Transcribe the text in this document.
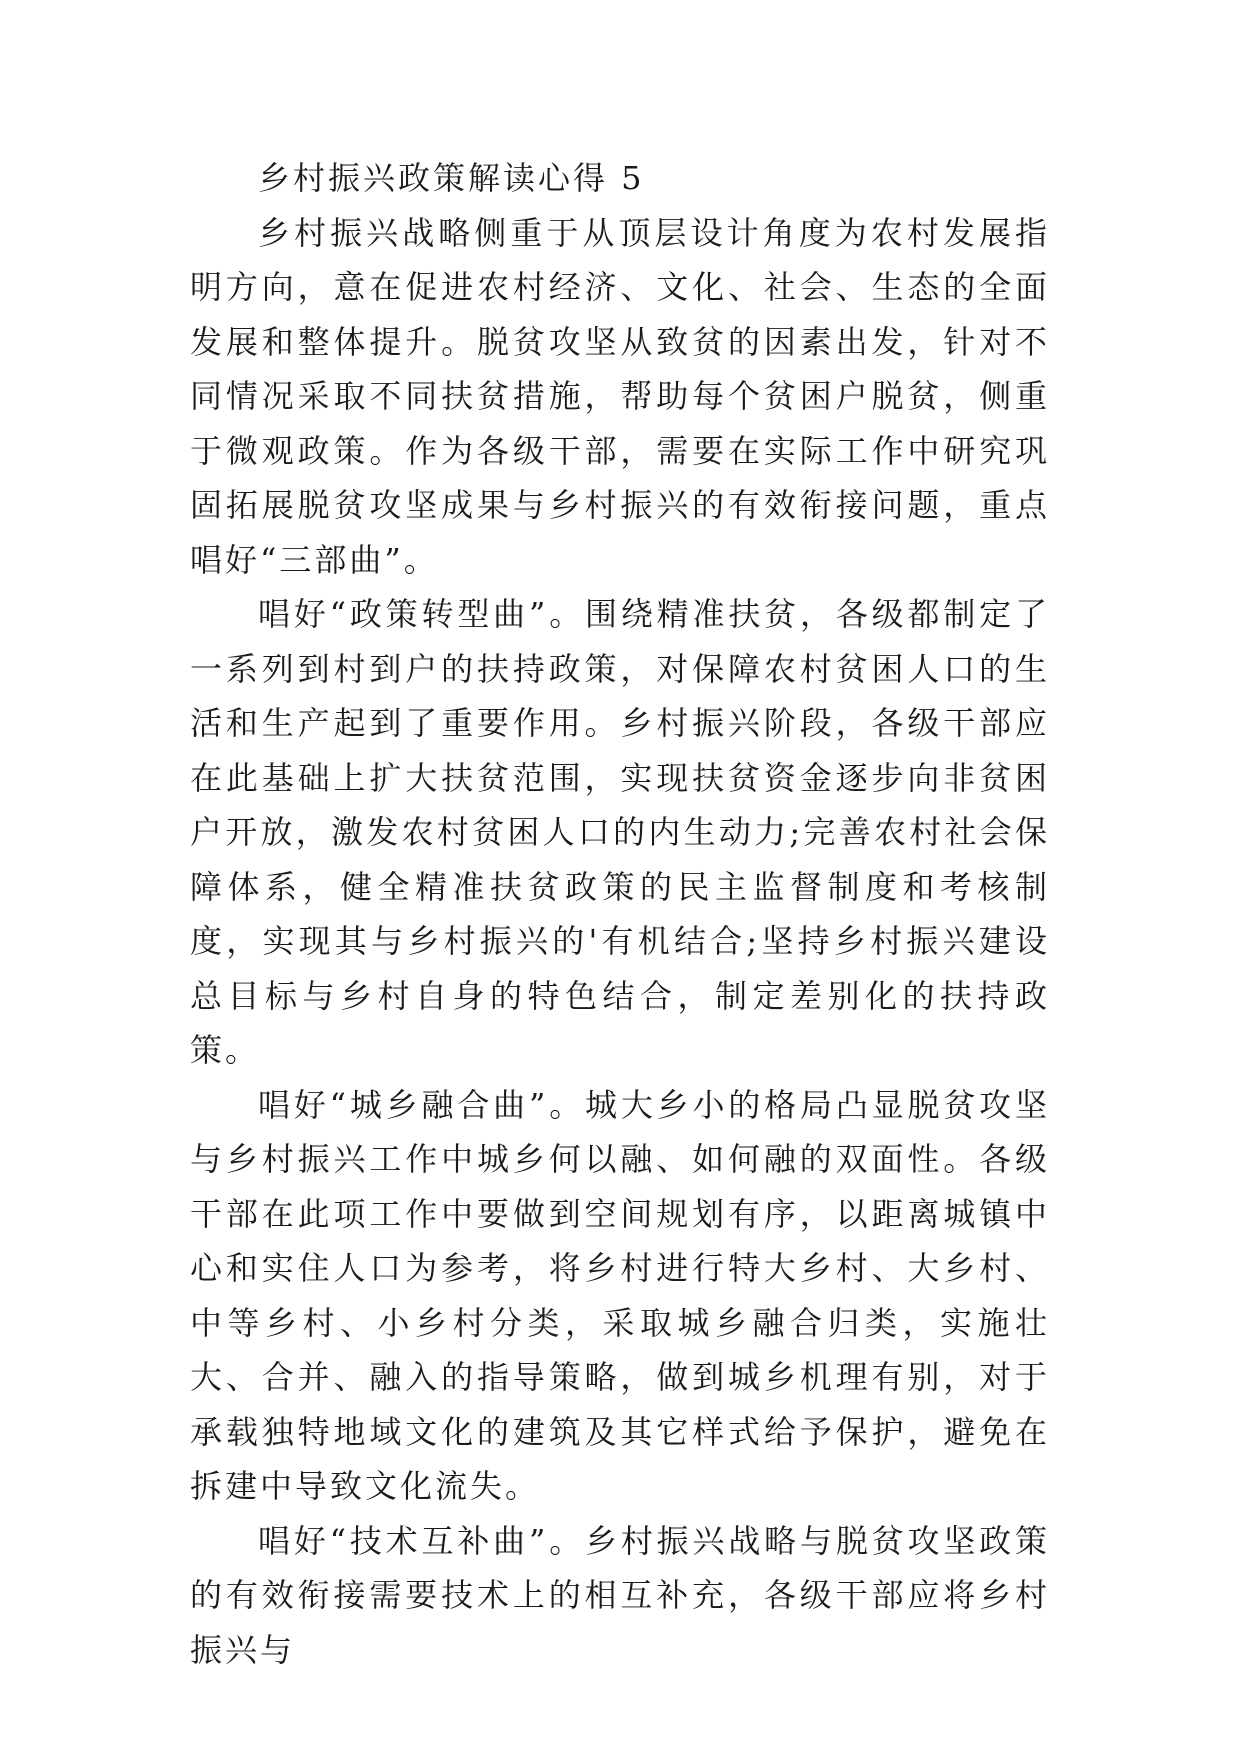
乡村振兴政策解读心得 5

乡村振兴战略侧重于从顶层设计角度为农村发展指明方向，意在促进农村经济、文化、社会、生态的全面发展和整体提升。脱贫攻坚从致贫的因素出发，针对不同情况采取不同扶贫措施，帮助每个贫困户脱贫，侧重于微观政策。作为各级干部，需要在实际工作中研究巩固拓展脱贫攻坚成果与乡村振兴的有效衔接问题，重点唱好“三部曲”。

唱好“政策转型曲”。围绕精准扶贫，各级都制定了一系列到村到户的扶持政策，对保障农村贫困人口的生活和生产起到了重要作用。乡村振兴阶段，各级干部应在此基础上扩大扶贫范围，实现扶贫资金逐步向非贫困户开放，激发农村贫困人口的内生动力;完善农村社会保障体系，健全精准扶贫政策的民主监督制度和考核制度，实现其与乡村振兴的'有机结合;坚持乡村振兴建设总目标与乡村自身的特色结合，制定差别化的扶持政策。

唱好“城乡融合曲”。城大乡小的格局凸显脱贫攻坚与乡村振兴工作中城乡何以融、如何融的双面性。各级干部在此项工作中要做到空间规划有序，以距离城镇中心和实住人口为参考，将乡村进行特大乡村、大乡村、中等乡村、小乡村分类，采取城乡融合归类，实施壮大、合并、融入的指导策略，做到城乡机理有别，对于承载独特地域文化的建筑及其它样式给予保护，避免在拆建中导致文化流失。

唱好“技术互补曲”。乡村振兴战略与脱贫攻坚政策的有效衔接需要技术上的相互补充，各级干部应将乡村振兴与
